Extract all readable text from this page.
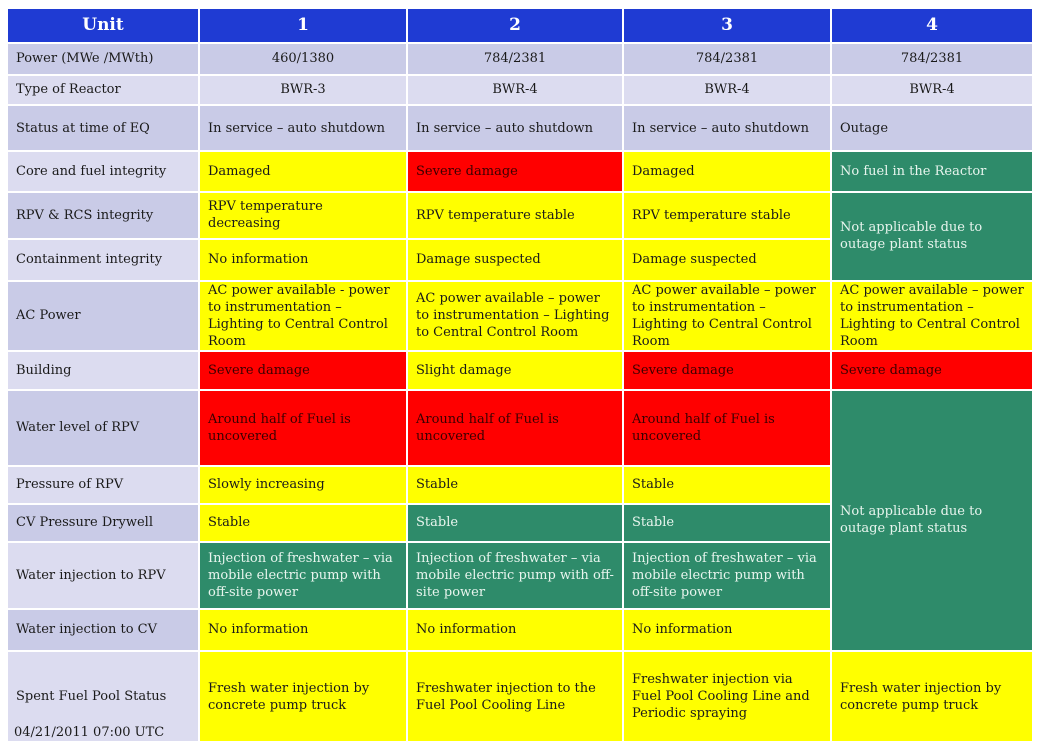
Unit	1	2	3	4
Power (MWe /MWth)	460/1380	784/2381	784/2381	784/2381
Type of Reactor	BWR-3	BWR-4	BWR-4	BWR-4
Status at time of EQ	In service – auto shutdown	In service – auto shutdown	In service – auto shutdown	Outage
Core and fuel integrity	Damaged	Severe damage	Damaged	No fuel in the Reactor
RPV & RCS integrity	RPV temperature decreasing	RPV temperature stable	RPV temperature stable	Not applicable due to outage plant status
Containment integrity	No information	Damage suspected	Damage suspected	
AC Power	AC power available - power to instrumentation – Lighting to Central Control Room	AC power available – power to instrumentation – Lighting to Central Control Room	AC power available – power to instrumentation – Lighting to Central Control Room	AC power available – power to instrumentation – Lighting to Central Control Room
Building	Severe damage	Slight damage	Severe damage	Severe damage
Water level of RPV	Around half of Fuel is uncovered	Around half of Fuel is uncovered	Around half of Fuel is uncovered	Not applicable due to outage plant status
Pressure of RPV	Slowly increasing	Stable	Stable	
CV Pressure Drywell	Stable	Stable	Stable	
Water injection to RPV	Injection of freshwater – via mobile electric pump with off-site power	Injection of freshwater – via mobile electric pump with off-site power	Injection of freshwater – via mobile electric pump with off-site power	
Water injection to CV	No information	No information	No information	
Spent Fuel Pool Status	Fresh water injection by concrete pump truck	Freshwater injection to the Fuel Pool Cooling Line	Freshwater injection via Fuel Pool Cooling Line and Periodic spraying	Fresh water injection by concrete pump truck
04/21/2011 07:00 UTC
